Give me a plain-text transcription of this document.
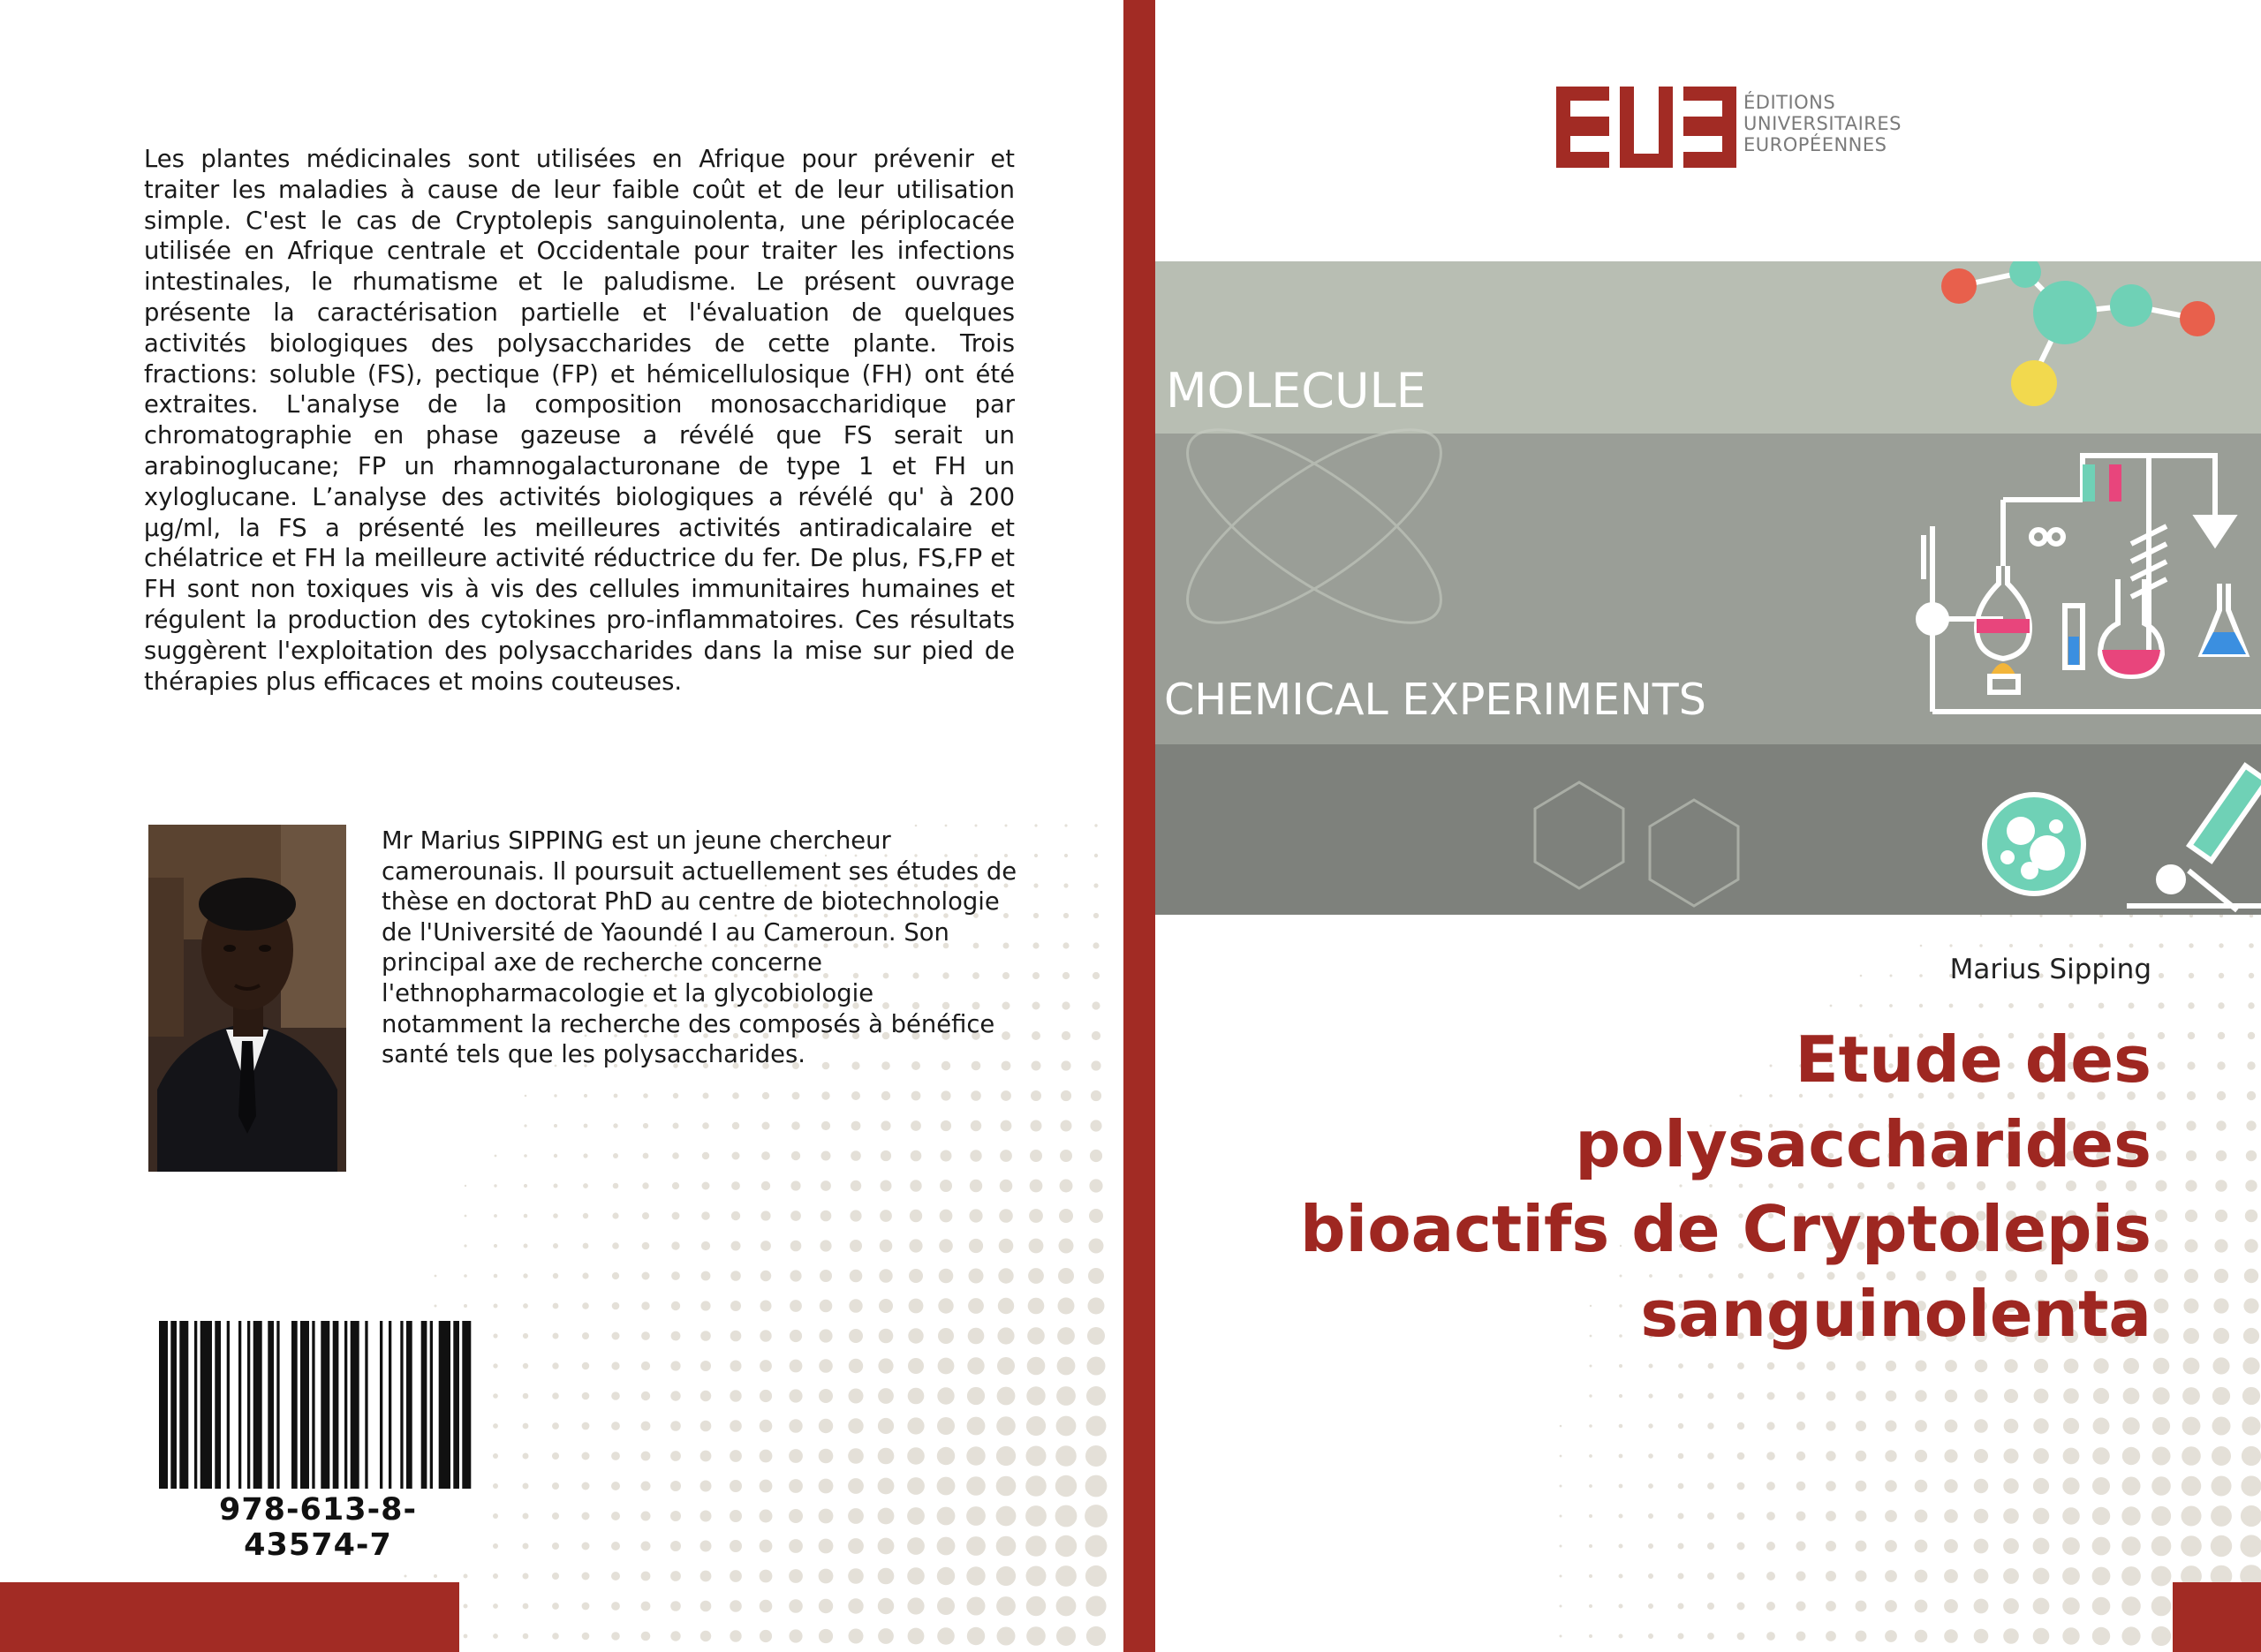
Les plantes médicinales sont utilisées en Afrique pour prévenir et traiter les maladies à cause de leur faible coût et de leur utilisation simple. C'est le cas de Cryptolepis sanguinolenta, une périplocacée utilisée en Afrique centrale et Occidentale pour traiter les infections intestinales, le rhumatisme et le paludisme. Le présent ouvrage présente la caractérisation partielle et l'évaluation de quelques activités biologiques des polysaccharides de cette plante. Trois fractions: soluble (FS), pectique (FP) et hémicellulosique (FH) ont été extraites. L'analyse de la composition monosaccharidique par chromatographie en phase gazeuse a révélé que FS serait un arabinoglucane; FP un rhamnogalacturonane de type 1 et FH un xyloglucane. L’analyse des activités biologiques a révélé qu' à 200 µg/ml, la FS a présenté les meilleures activités antiradicalaire et chélatrice et FH la meilleure activité réductrice du fer. De plus, FS,FP et FH sont non toxiques vis à vis des cellules immunitaires humaines et régulent la production des cytokines pro-inflammatoires. Ces résultats suggèrent l'exploitation des polysaccharides dans la mise sur pied de thérapies plus efficaces et moins couteuses.

Mr Marius SIPPING est un jeune chercheur camerounais. Il poursuit actuellement ses études de thèse en doctorat PhD au centre de biotechnologie de l'Université de Yaoundé I au Cameroun. Son principal axe de recherche concerne l'ethnopharmacologie et la glycobiologie notamment la recherche des composés à bénéfice santé tels que les polysaccharides.

978-613-8-43574-7
ÉDITIONS
UNIVERSITAIRES
EUROPÉENNES
MOLECULE
CHEMICAL EXPERIMENTS
Marius Sipping
Etude des polysaccharides
bioactifs de Cryptolepis
sanguinolenta
